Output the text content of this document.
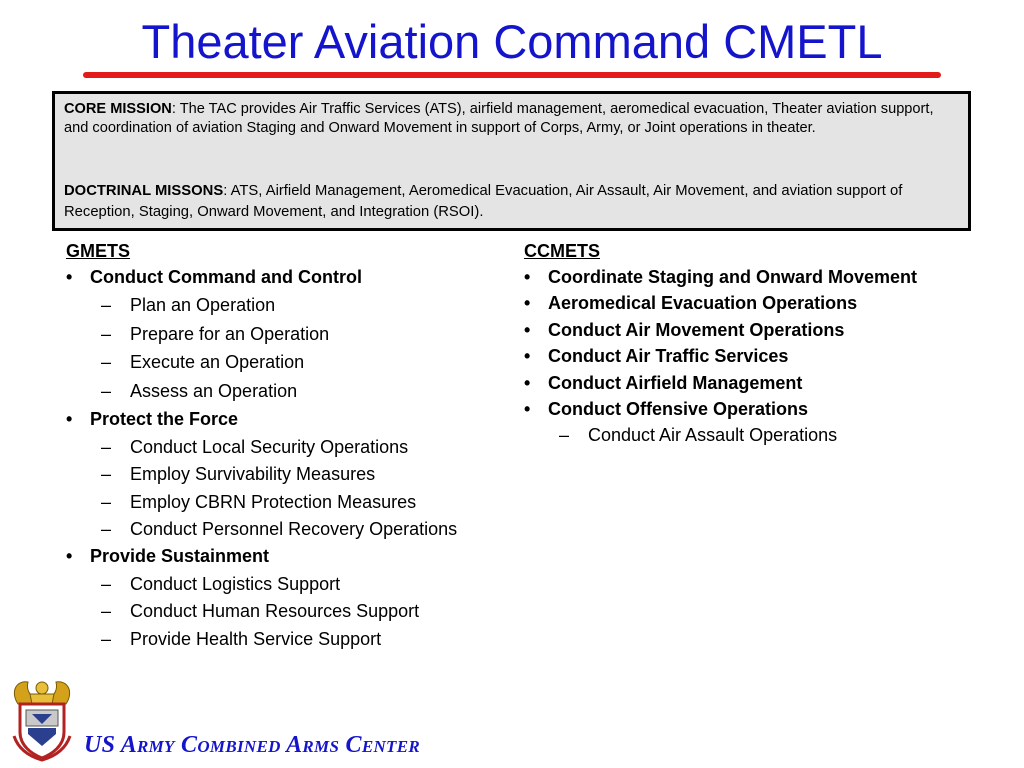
Theater Aviation Command CMETL

CORE MISSION: The TAC provides Air Traffic Services (ATS), airfield management, aeromedical evacuation, Theater aviation support, and coordination of aviation Staging and Onward Movement in support of Corps, Army, or Joint operations in theater.

DOCTRINAL MISSONS: ATS, Airfield Management, Aeromedical Evacuation, Air Assault, Air Movement, and aviation support of Reception, Staging, Onward Movement, and Integration (RSOI).

GMETS
• Conduct Command and Control
– Plan an Operation
– Prepare for an Operation
– Execute an Operation
– Assess an Operation
• Protect the Force
– Conduct Local Security Operations
– Employ Survivability Measures
– Employ CBRN Protection Measures
– Conduct Personnel Recovery Operations
• Provide Sustainment
– Conduct Logistics Support
– Conduct Human Resources Support
– Provide Health Service Support
CCMETS
• Coordinate Staging and Onward Movement
• Aeromedical Evacuation Operations
• Conduct Air Movement Operations
• Conduct Air Traffic Services
• Conduct Airfield Management
• Conduct Offensive Operations
– Conduct Air Assault Operations
US Army Combined Arms Center
